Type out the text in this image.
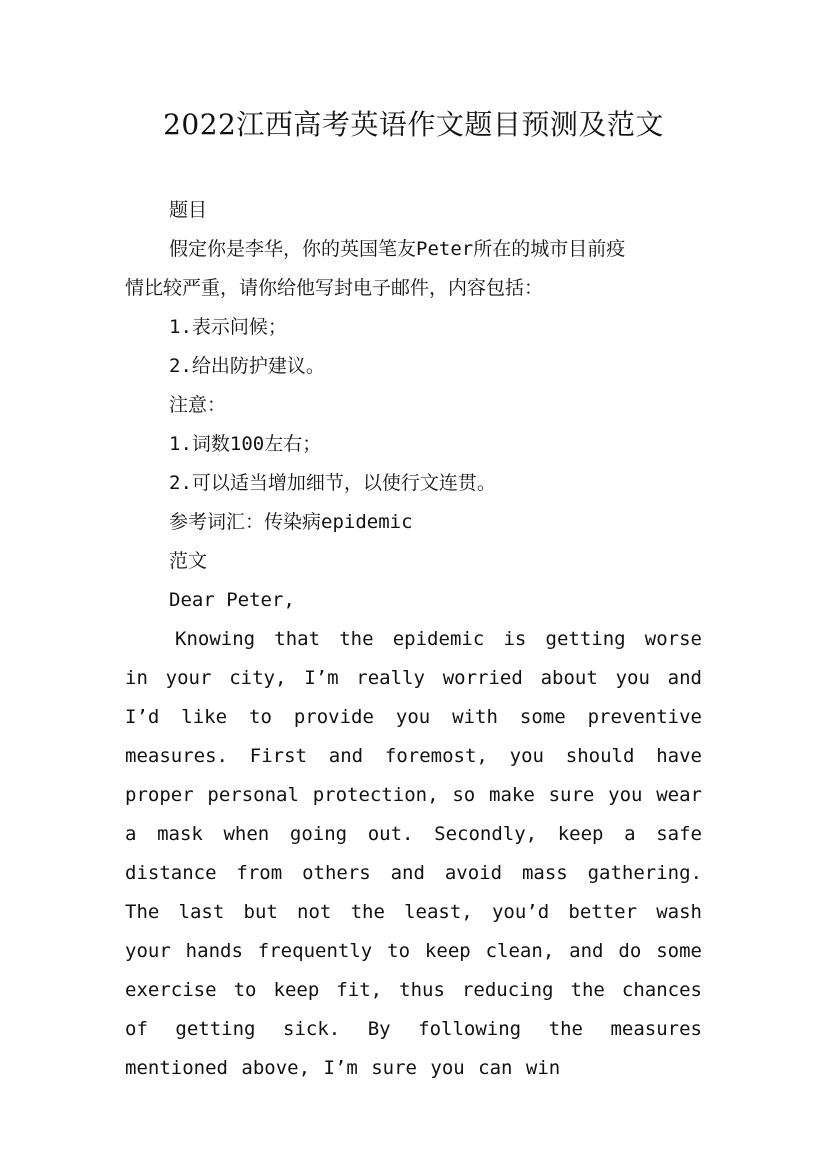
2022江西高考英语作文题目预测及范文

题目

假定你是李华，你的英国笔友Peter所在的城市目前疫

情比较严重，请你给他写封电子邮件，内容包括：

1.表示问候；

2.给出防护建议。

注意：

1.词数100左右；

2.可以适当增加细节，以使行文连贯。

参考词汇：传染病epidemic

范文

Dear Peter,

Knowing that the epidemic is getting worse in your city, I’m really worried about you and I’d like to provide you with some preventive measures. First and foremost, you should have proper personal protection, so make sure you wear a mask when going out. Secondly, keep a safe distance from others and avoid mass gathering. The last but not the least, you’d better wash your hands frequently to keep clean, and do some exercise to keep fit, thus reducing the chances of getting sick. By following the measures mentioned above, I’m sure you can win
